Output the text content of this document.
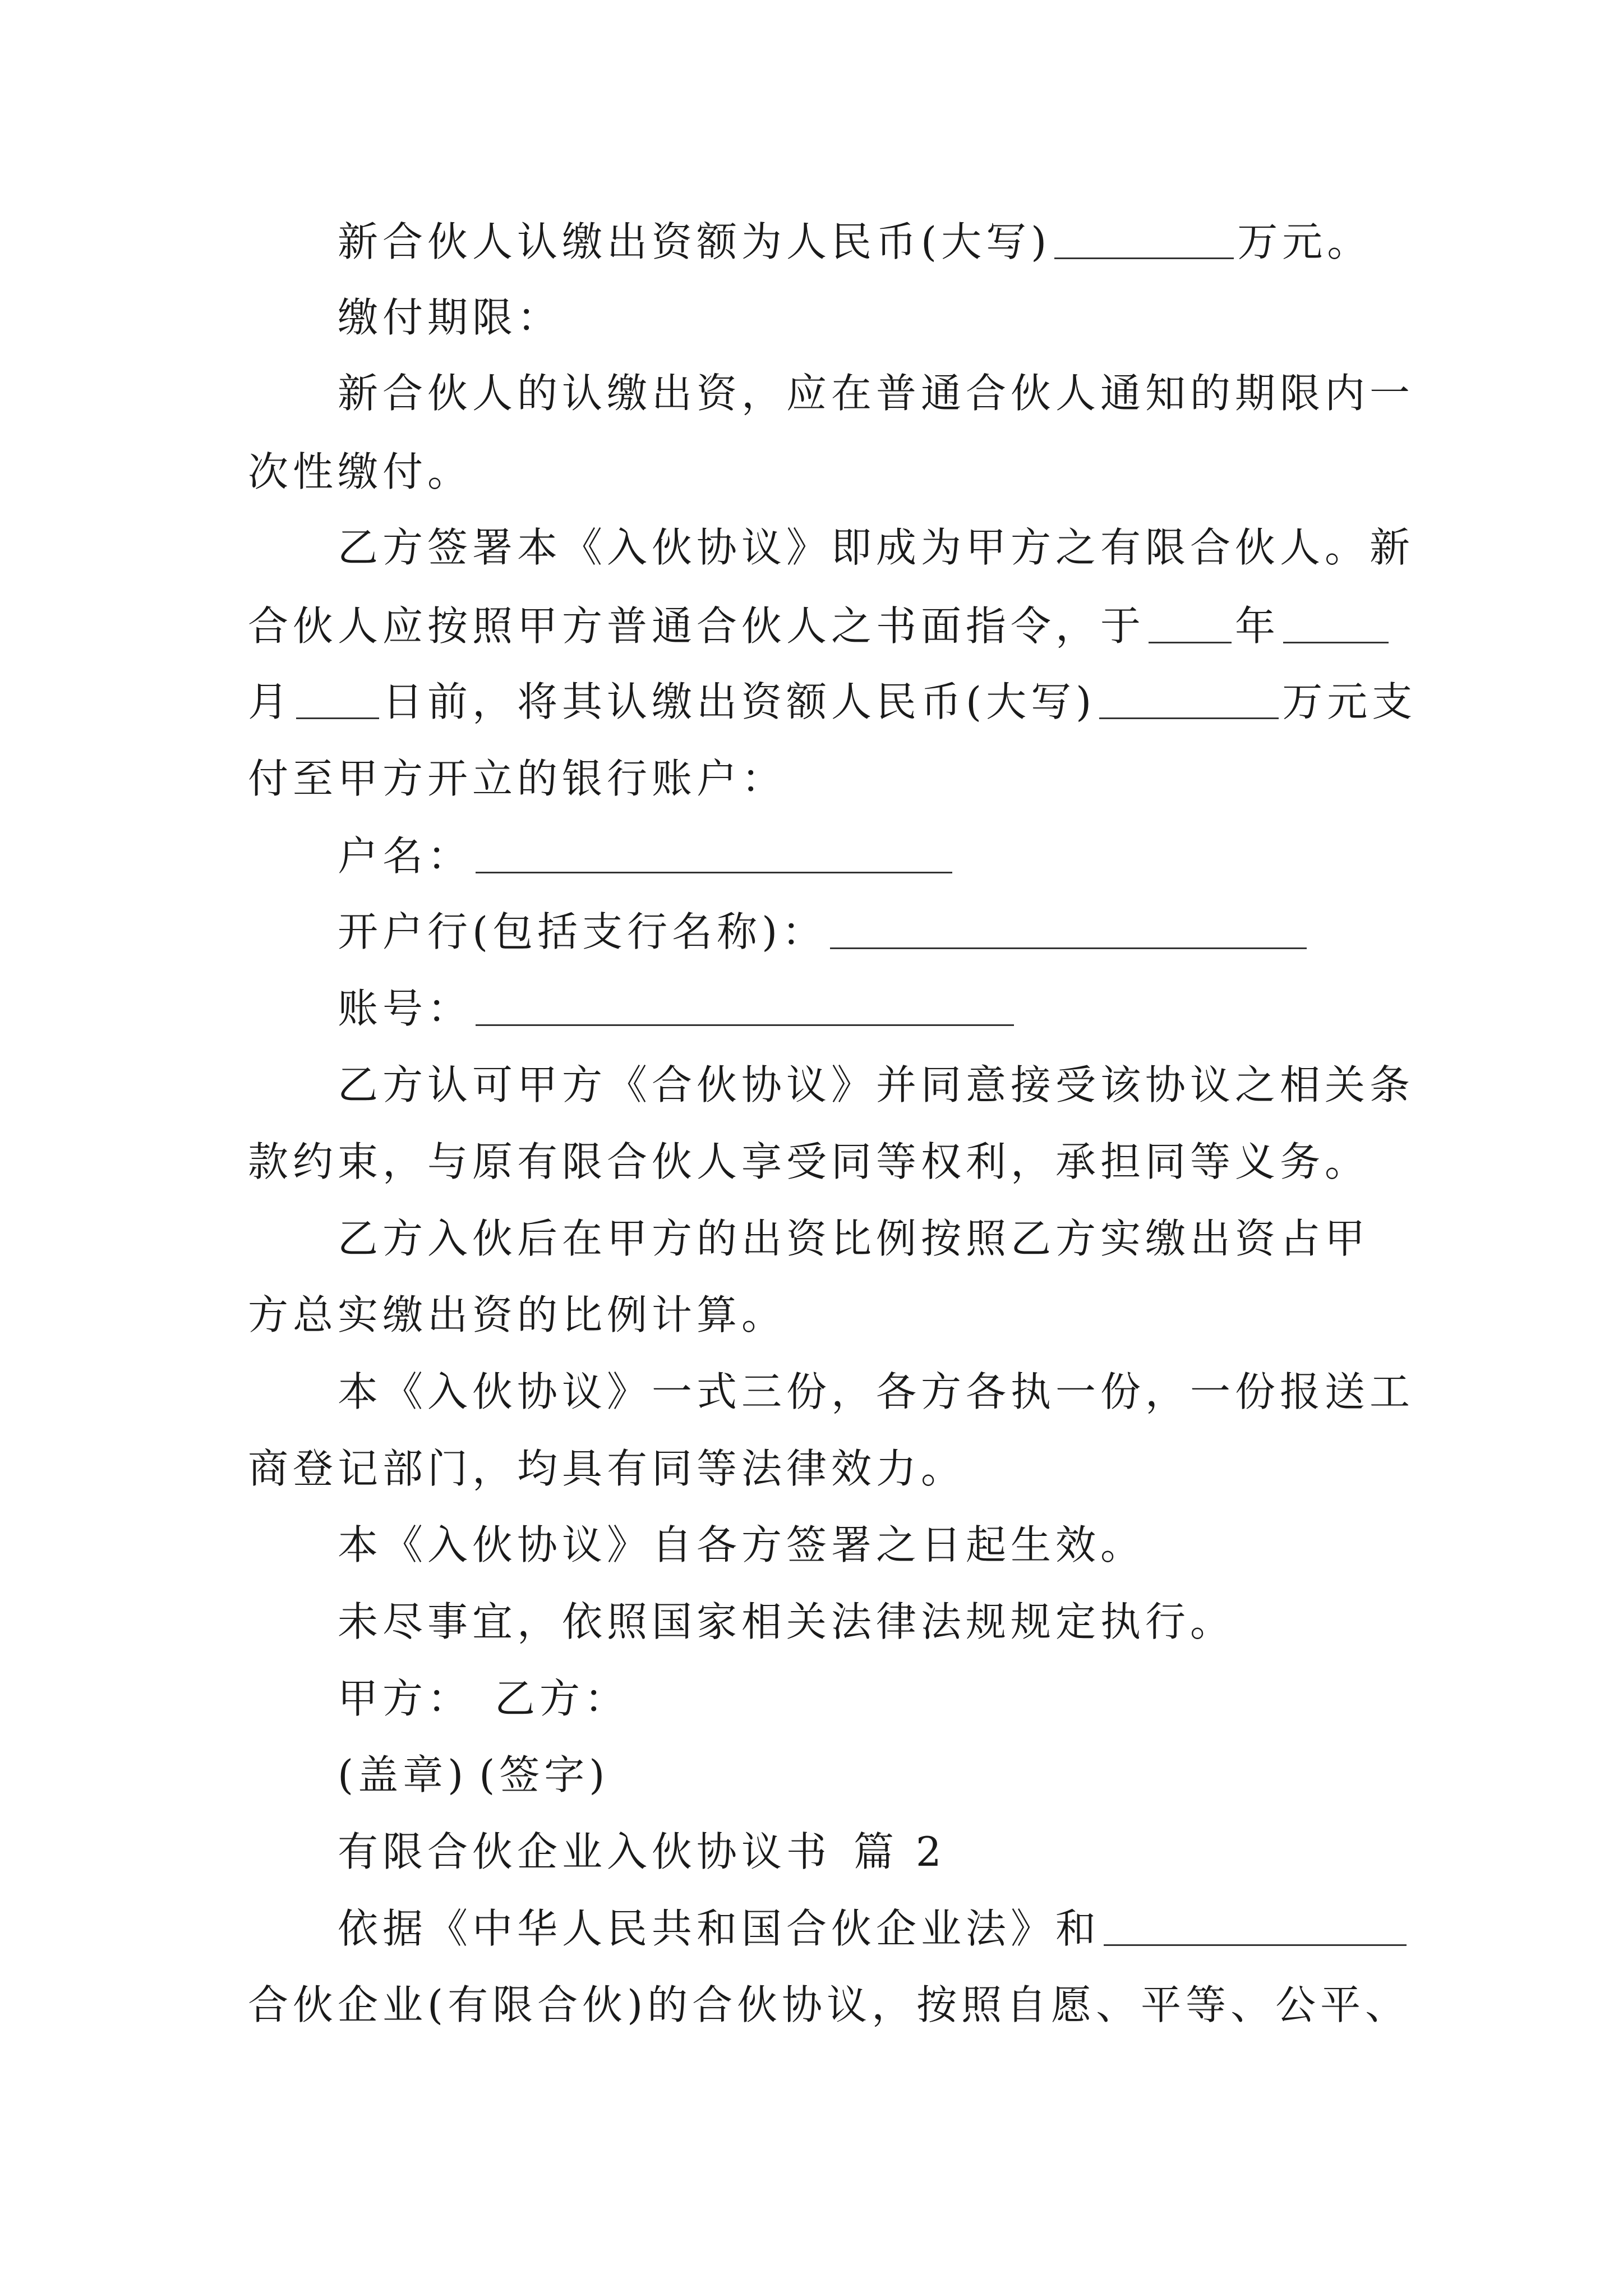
新合伙人认缴出资额为人民币(大写)	万元。
缴付期限：
新合伙人的认缴出资，应在普通合伙人通知的期限内一
次性缴付。
乙方签署本《入伙协议》即成为甲方之有限合伙人。新
合伙人应按照甲方普通合伙人之书面指令，于 年
月 日前，将其认缴出资额人民币(大写)	万元支
付至甲方开立的银行账户：
户名：
开户行(包括支行名称)：
账号：
乙方认可甲方《合伙协议》并同意接受该协议之相关条
款约束，与原有限合伙人享受同等权利，承担同等义务。
乙方入伙后在甲方的出资比例按照乙方实缴出资占甲
方总实缴出资的比例计算。
本《入伙协议》一式三份，各方各执一份，一份报送工
商登记部门，均具有同等法律效力。
本《入伙协议》自各方签署之日起生效。
未尽事宜，依照国家相关法律法规规定执行。
甲方： 乙方：
(盖章) (签字)
有限合伙企业入伙协议书 篇 2
依据《中华人民共和国合伙企业法》和
合伙企业(有限合伙)的合伙协议，按照自愿、平等、公平、
